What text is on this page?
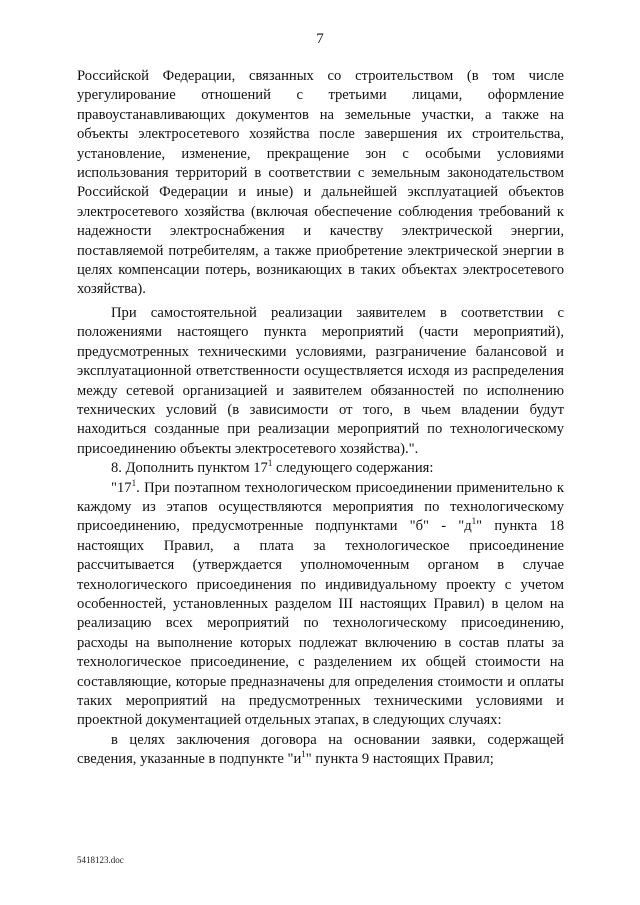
7

Российской Федерации, связанных со строительством (в том числе урегулирование отношений с третьими лицами, оформление правоустанавливающих документов на земельные участки, а также на объекты электросетевого хозяйства после завершения их строительства, установление, изменение, прекращение зон с особыми условиями использования территорий в соответствии с земельным законодательством Российской Федерации и иные) и дальнейшей эксплуатацией объектов электросетевого хозяйства (включая обеспечение соблюдения требований к надежности электроснабжения и качеству электрической энергии, поставляемой потребителям, а также приобретение электрической энергии в целях компенсации потерь, возникающих в таких объектах электросетевого хозяйства).

При самостоятельной реализации заявителем в соответствии с положениями настоящего пункта мероприятий (части мероприятий), предусмотренных техническими условиями, разграничение балансовой и эксплуатационной ответственности осуществляется исходя из распределения между сетевой организацией и заявителем обязанностей по исполнению технических условий (в зависимости от того, в чьем владении будут находиться созданные при реализации мероприятий по технологическому присоединению объекты электросетевого хозяйства).".

8. Дополнить пунктом $17^1$ следующего содержания:

"$17^1$. При поэтапном технологическом присоединении применительно к каждому из этапов осуществляются мероприятия по технологическому присоединению, предусмотренные подпунктами "б" - "$д^1$" пункта 18 настоящих Правил, а плата за технологическое присоединение рассчитывается (утверждается уполномоченным органом в случае технологического присоединения по индивидуальному проекту с учетом особенностей, установленных разделом III настоящих Правил) в целом на реализацию всех мероприятий по технологическому присоединению, расходы на выполнение которых подлежат включению в состав платы за технологическое присоединение, с разделением их общей стоимости на составляющие, которые предназначены для определения стоимости и оплаты таких мероприятий на предусмотренных техническими условиями и проектной документацией отдельных этапах, в следующих случаях:

в целях заключения договора на основании заявки, содержащей сведения, указанные в подпункте "$и^1$" пункта 9 настоящих Правил;

5418123.doc
